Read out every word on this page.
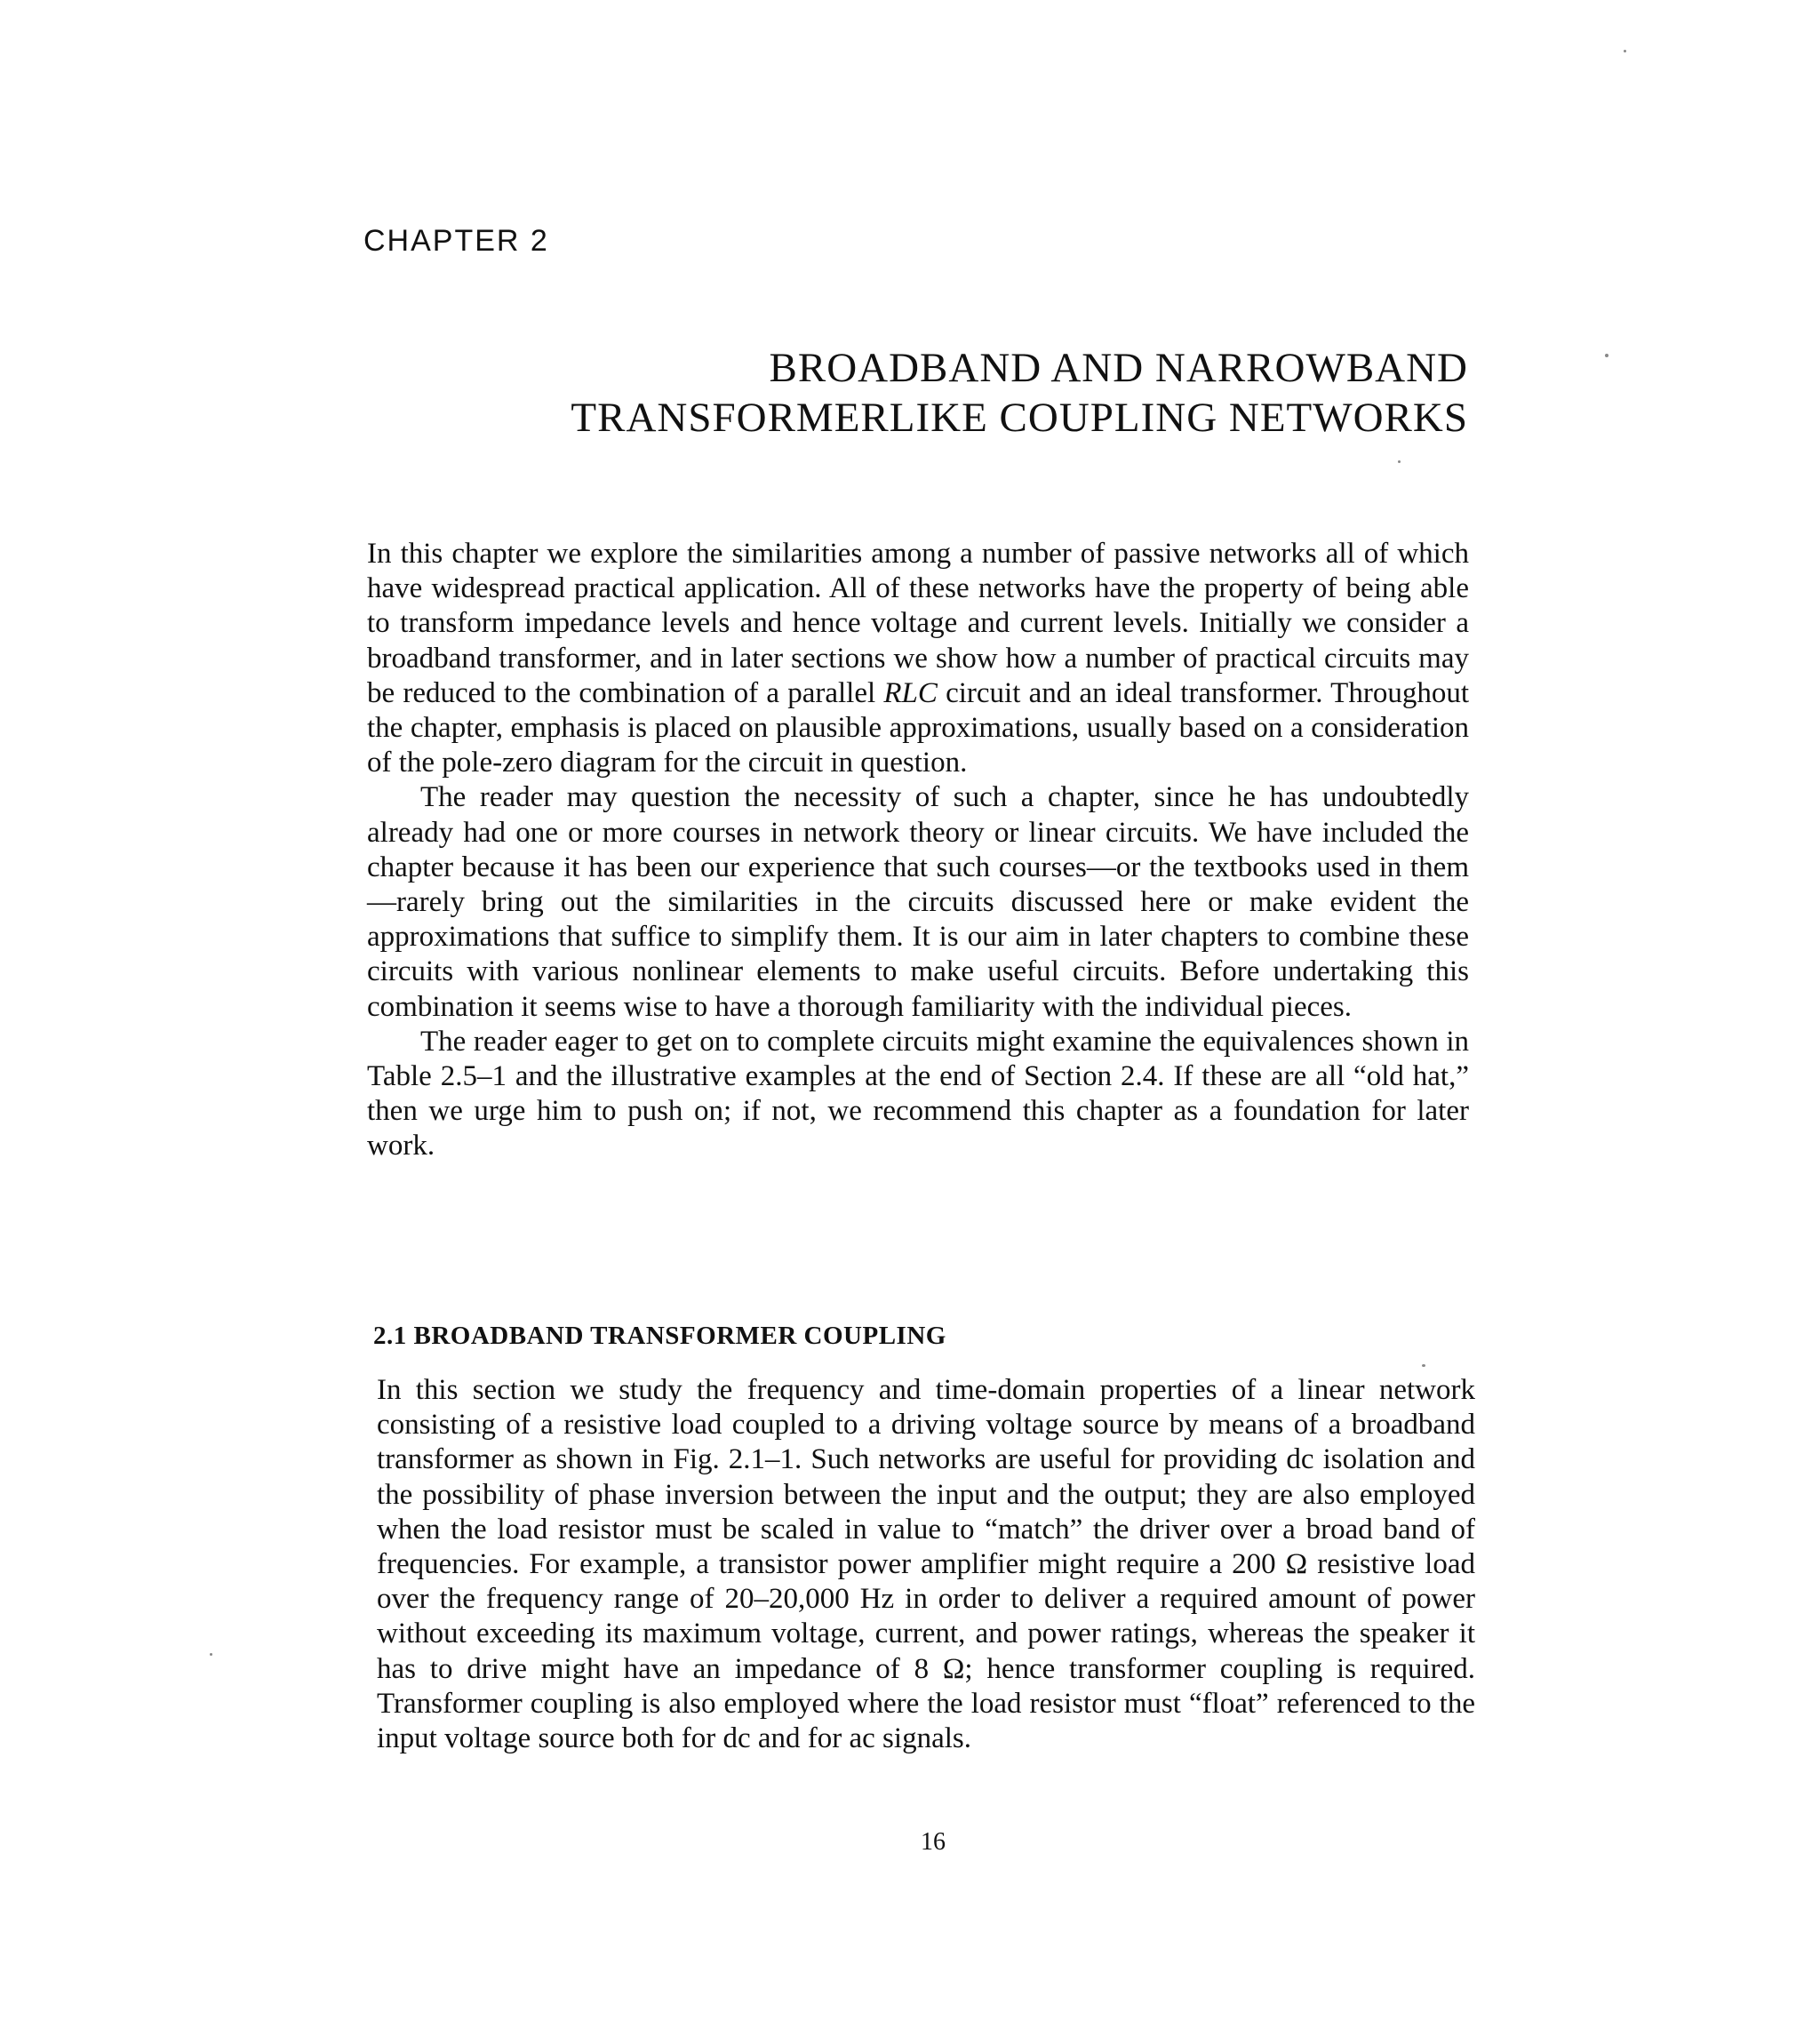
CHAPTER 2
BROADBAND AND NARROWBAND
TRANSFORMERLIKE COUPLING NETWORKS

In this chapter we explore the similarities among a number of passive networks all of which have widespread practical application. All of these networks have the property of being able to transform impedance levels and hence voltage and current levels. Initially we consider a broadband transformer, and in later sections we show how a number of practical circuits may be reduced to the combination of a parallel RLC circuit and an ideal transformer. Throughout the chapter, emphasis is placed on plausible approximations, usually based on a consideration of the pole-zero diagram for the circuit in question.

The reader may question the necessity of such a chapter, since he has undoubtedly already had one or more courses in network theory or linear circuits. We have included the chapter because it has been our experience that such courses—or the textbooks used in them—rarely bring out the similarities in the circuits discussed here or make evident the approximations that suffice to simplify them. It is our aim in later chapters to combine these circuits with various nonlinear elements to make useful circuits. Before undertaking this combination it seems wise to have a thorough familiarity with the individual pieces.

The reader eager to get on to complete circuits might examine the equivalences shown in Table 2.5–1 and the illustrative examples at the end of Section 2.4. If these are all “old hat,” then we urge him to push on; if not, we recommend this chapter as a foundation for later work.

2.1 BROADBAND TRANSFORMER COUPLING

In this section we study the frequency and time-domain properties of a linear network consisting of a resistive load coupled to a driving voltage source by means of a broadband transformer as shown in Fig. 2.1–1. Such networks are useful for providing dc isolation and the possibility of phase inversion between the input and the output; they are also employed when the load resistor must be scaled in value to “match” the driver over a broad band of frequencies. For example, a transistor power amplifier might require a 200 Ω resistive load over the frequency range of 20–20,000 Hz in order to deliver a required amount of power without exceeding its maximum voltage, current, and power ratings, whereas the speaker it has to drive might have an impedance of 8 Ω; hence transformer coupling is required. Transformer coupling is also employed where the load resistor must “float” referenced to the input voltage source both for dc and for ac signals.

16
